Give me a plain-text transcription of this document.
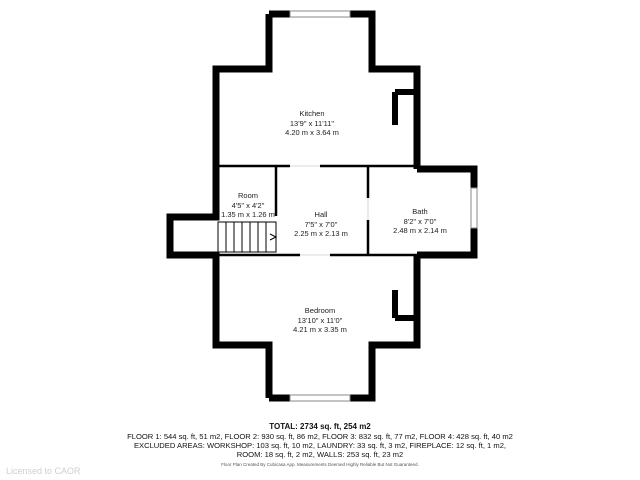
Kitchen
13'9" x 11'11"
4.20 m x 3.64 m
Room
4'5" x 4'2"
1.35 m x 1.26 m	Hall
7'5" x 7'0"
2.25 m x 2.13 m
Bath
8'2" x 7'0"
2.48 m x 2.14 m
Bedroom
13'10" x 11'0"
4.21 m x 3.35 m
TOTAL: 2734 sq. ft, 254 m2
FLOOR 1: 544 sq. ft, 51 m2, FLOOR 2: 930 sq. ft, 86 m2, FLOOR 3: 832 sq. ft, 77 m2, FLOOR 4: 428 sq. ft, 40 m2
EXCLUDED AREAS: WORKSHOP: 103 sq. ft, 10 m2, LAUNDRY: 33 sq. ft, 3 m2, FIREPLACE: 12 sq. ft, 1 m2,
ROOM: 18 sq. ft, 2 m2, WALLS: 253 sq. ft, 23 m2
Floor Plan Created By Cubicasa App. Measurements Deemed Highly Reliable But Not Guaranteed.
Licensed to CAOR
